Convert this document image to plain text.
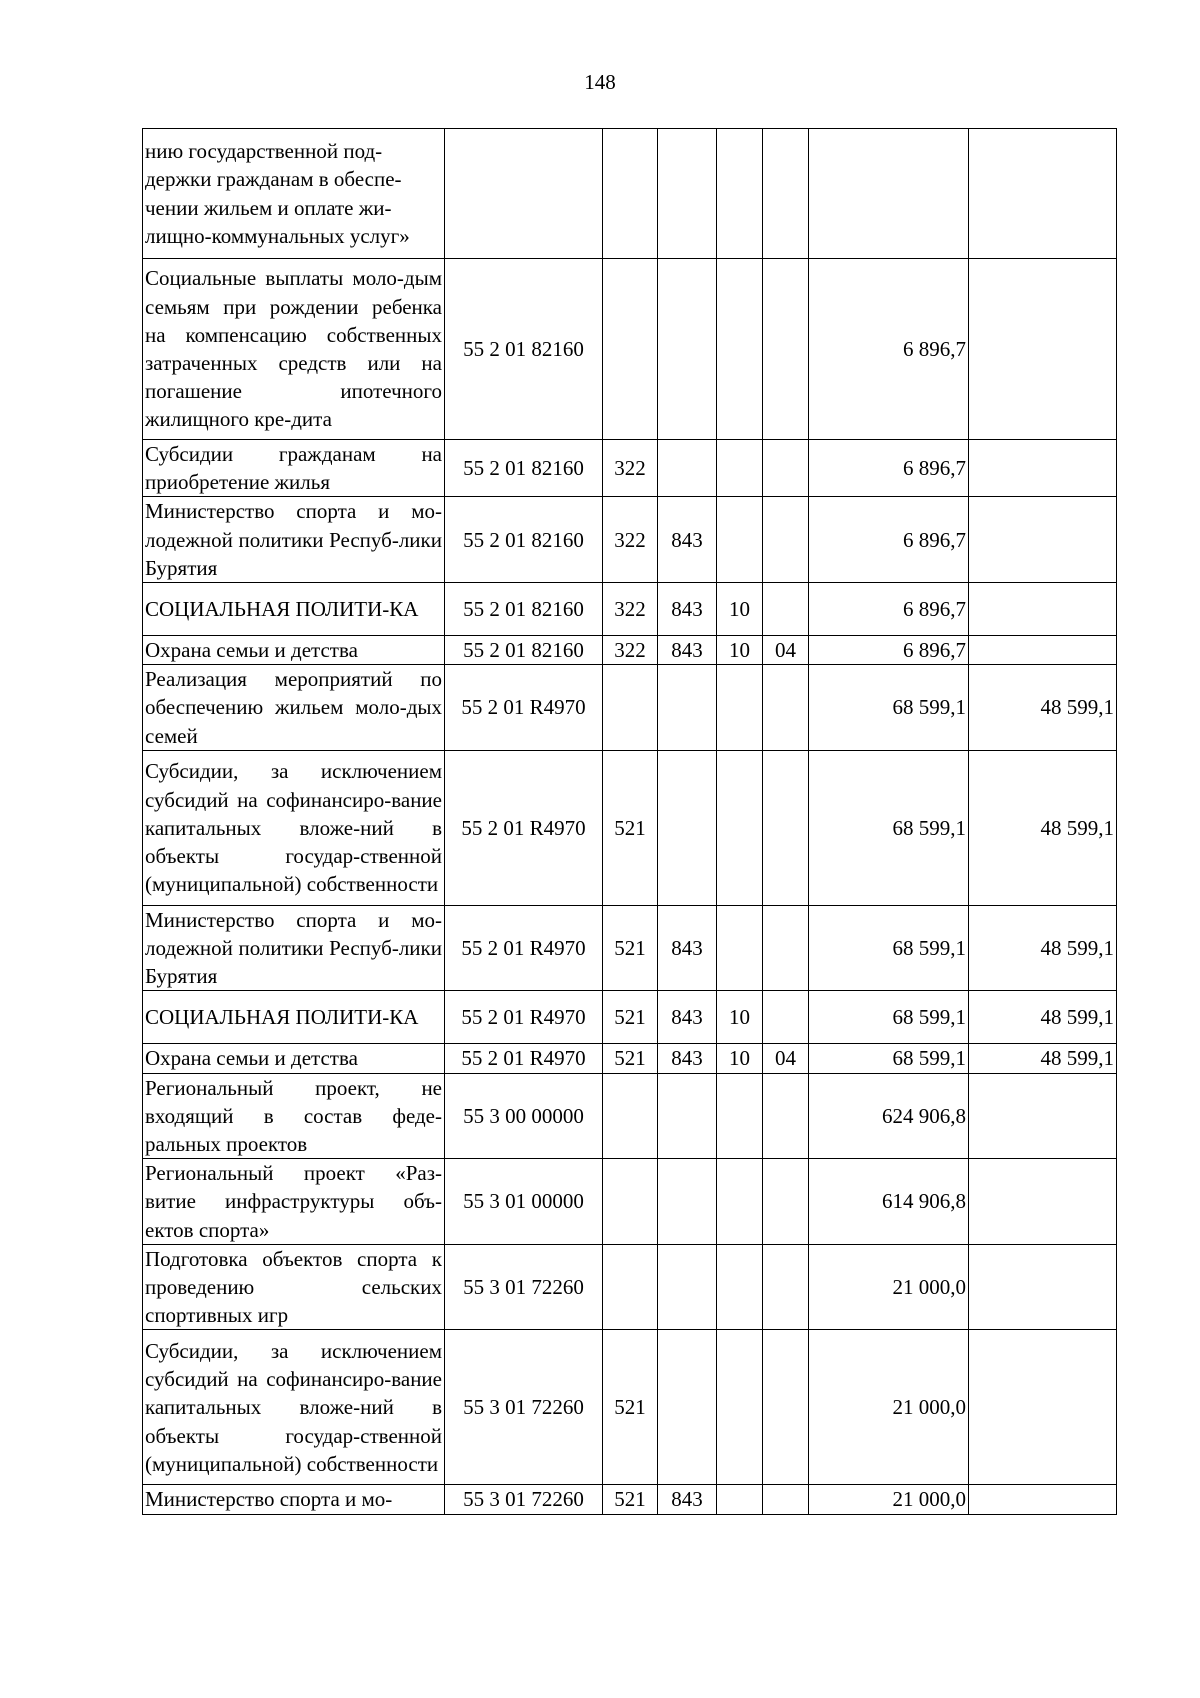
148
нию государственной под-держки гражданам в обеспе-чении жильем и оплате жи-лищно-коммунальных услуг»							
Социальные выплаты моло-дым семьям при рождении ребенка на компенсацию собственных затраченных средств или на погашение ипотечного жилищного кре-дита	55 2 01 82160					6 896,7	
Субсидии гражданам на приобретение жилья	55 2 01 82160	322				6 896,7	
Министерство спорта и мо-лодежной политики Респуб-лики Бурятия	55 2 01 82160	322	843			6 896,7	
СОЦИАЛЬНАЯ ПОЛИТИ-КА	55 2 01 82160	322	843	10		6 896,7	
Охрана семьи и детства	55 2 01 82160	322	843	10	04	6 896,7	
Реализация мероприятий по обеспечению жильем моло-дых семей	55 2 01 R4970					68 599,1	48 599,1
Субсидии, за исключением субсидий на софинансиро-вание капитальных вложе-ний в объекты государ-ственной (муниципальной) собственности	55 2 01 R4970	521				68 599,1	48 599,1
Министерство спорта и мо-лодежной политики Респуб-лики Бурятия	55 2 01 R4970	521	843			68 599,1	48 599,1
СОЦИАЛЬНАЯ ПОЛИТИ-КА	55 2 01 R4970	521	843	10		68 599,1	48 599,1
Охрана семьи и детства	55 2 01 R4970	521	843	10	04	68 599,1	48 599,1
Региональный проект, не входящий в состав феде-ральных проектов	55 3 00 00000					624 906,8	
Региональный проект «Раз-витие инфраструктуры объ-ектов спорта»	55 3 01 00000					614 906,8	
Подготовка объектов спорта к проведению сельских спортивных игр	55 3 01 72260					21 000,0	
Субсидии, за исключением субсидий на софинансиро-вание капитальных вложе-ний в объекты государ-ственной (муниципальной) собственности	55 3 01 72260	521				21 000,0	
Министерство спорта и мо-	55 3 01 72260	521	843			21 000,0	
